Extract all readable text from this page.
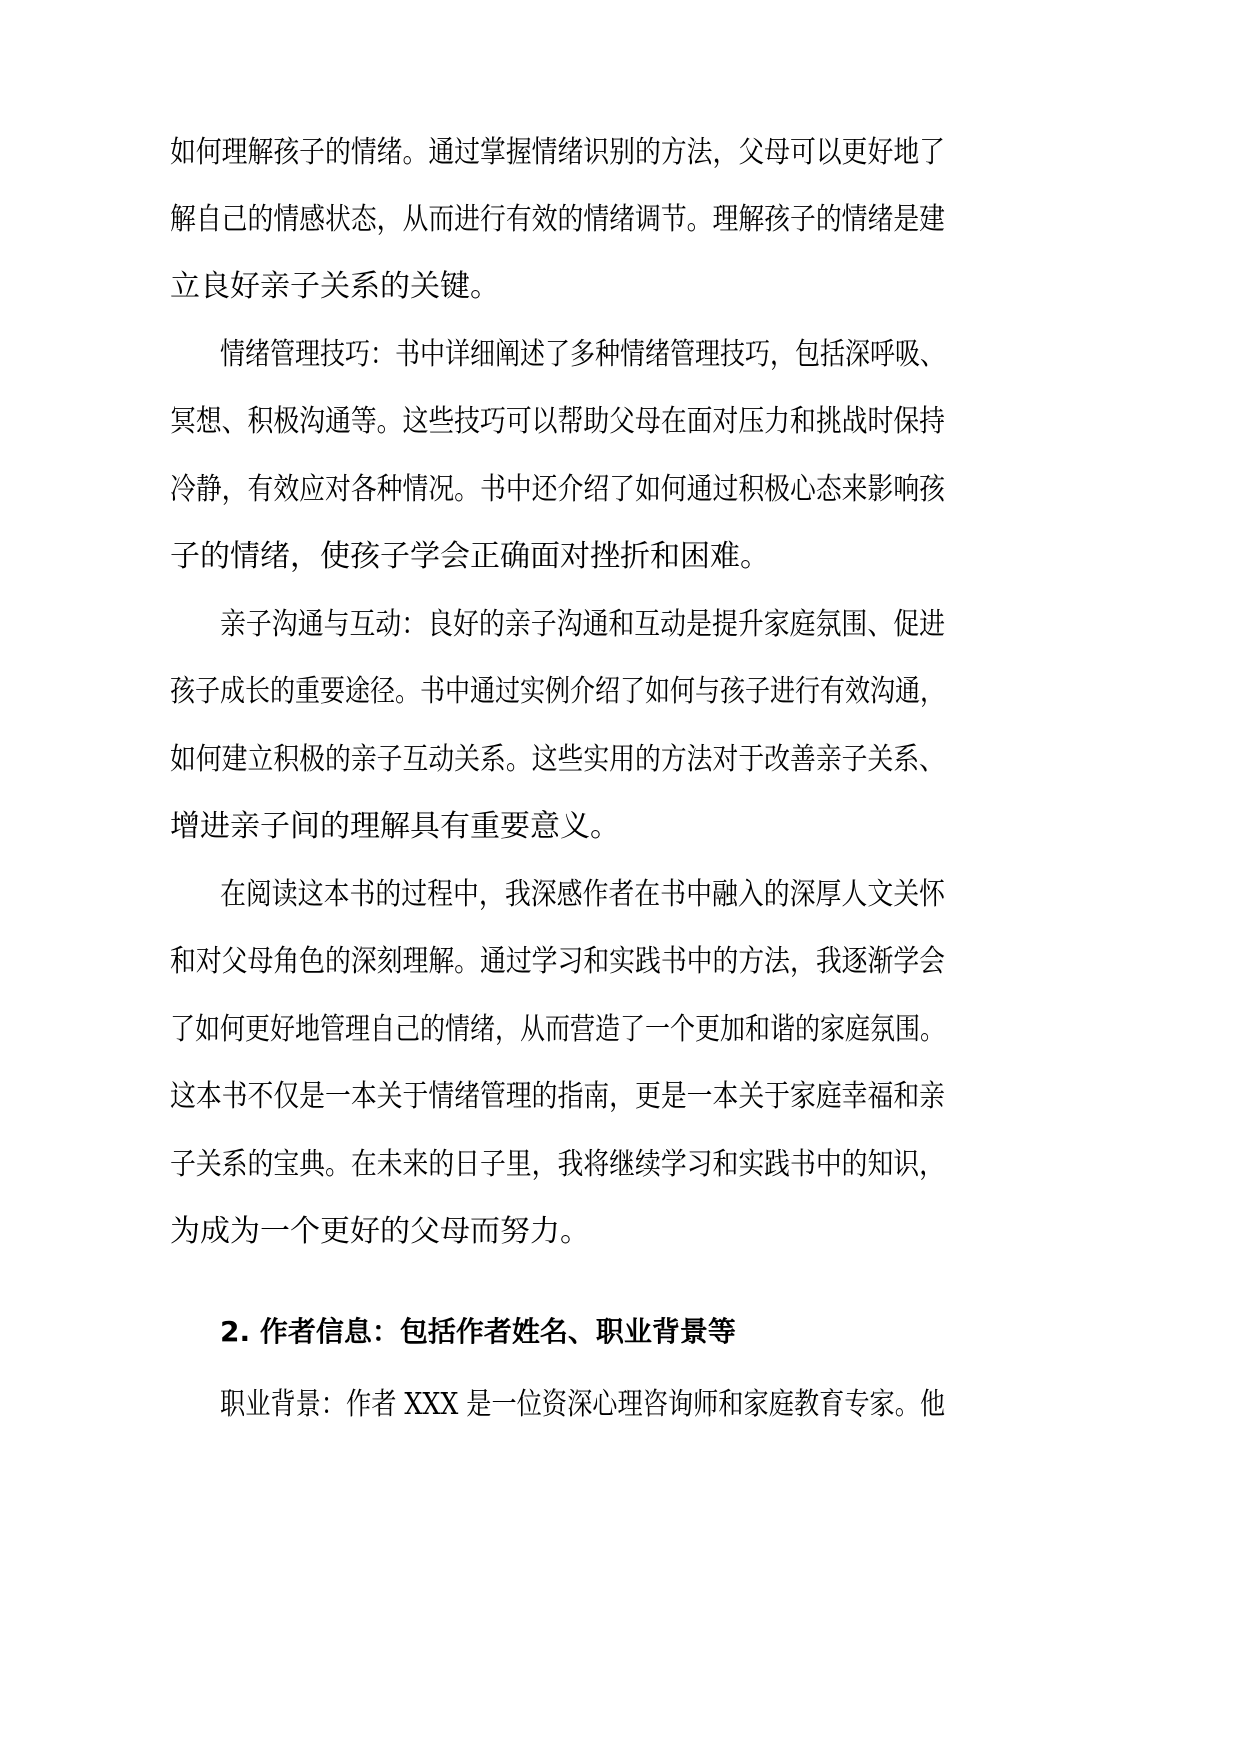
如何理解孩子的情绪。通过掌握情绪识别的方法，父母可以更好地了
解自己的情感状态，从而进行有效的情绪调节。理解孩子的情绪是建
立良好亲子关系的关键。
情绪管理技巧：书中详细阐述了多种情绪管理技巧，包括深呼吸、
冥想、积极沟通等。这些技巧可以帮助父母在面对压力和挑战时保持
冷静，有效应对各种情况。书中还介绍了如何通过积极心态来影响孩
子的情绪，使孩子学会正确面对挫折和困难。
亲子沟通与互动：良好的亲子沟通和互动是提升家庭氛围、促进
孩子成长的重要途径。书中通过实例介绍了如何与孩子进行有效沟通，
如何建立积极的亲子互动关系。这些实用的方法对于改善亲子关系、
增进亲子间的理解具有重要意义。
在阅读这本书的过程中，我深感作者在书中融入的深厚人文关怀
和对父母角色的深刻理解。通过学习和实践书中的方法，我逐渐学会
了如何更好地管理自己的情绪，从而营造了一个更加和谐的家庭氛围。
这本书不仅是一本关于情绪管理的指南，更是一本关于家庭幸福和亲
子关系的宝典。在未来的日子里，我将继续学习和实践书中的知识，
为成为一个更好的父母而努力。
2. 作者信息：包括作者姓名、职业背景等
职业背景：作者 XXX 是一位资深心理咨询师和家庭教育专家。他
